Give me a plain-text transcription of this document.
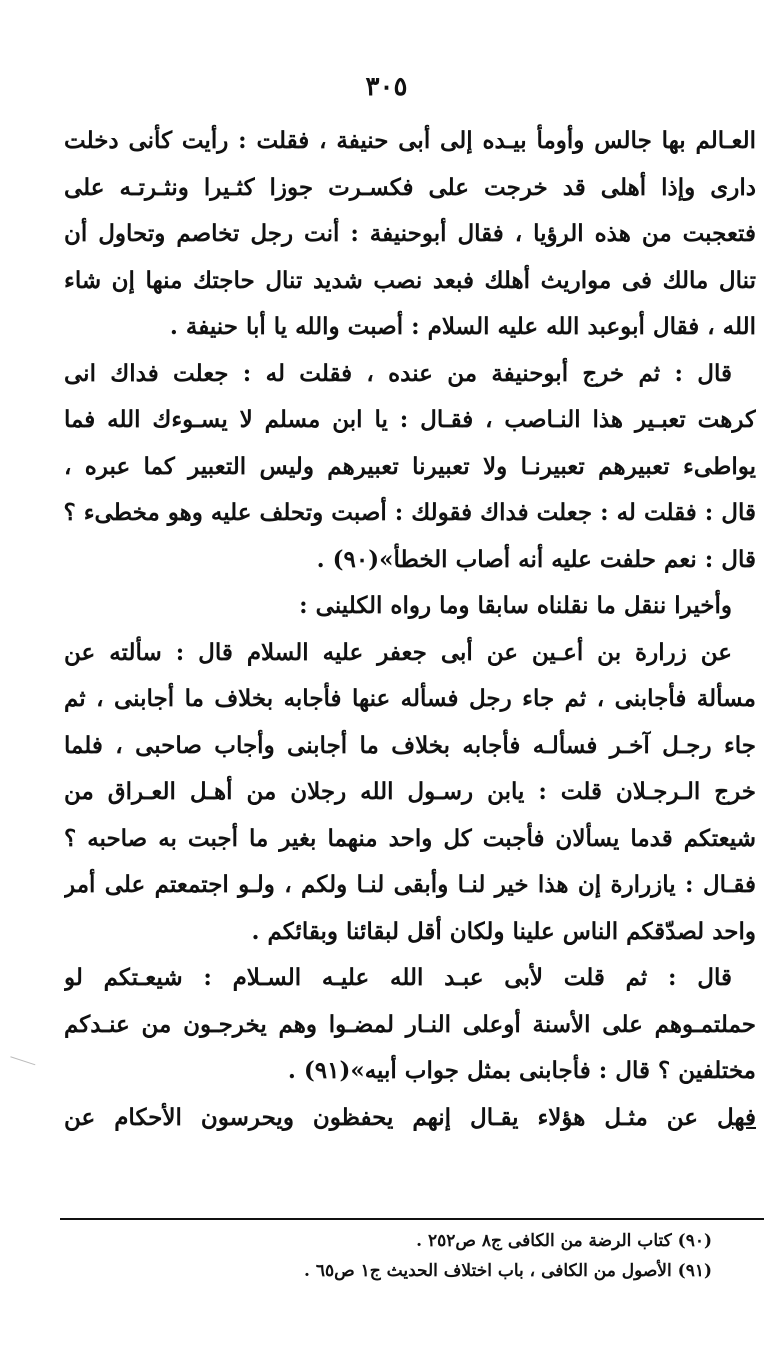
٣٠٥
العـالم بها جالس وأومأ بيـده إلى أبى حنيفة ، فقلت : رأيت كأنى دخلت
دارى وإذا أهلى قد خرجت على فكسـرت جوزا كثـيرا ونثـرتـه على
فتعجبت من هذه الرؤيا ، فقال أبوحنيفة : أنت رجل تخاصم وتحاول أن
تنال مالك فى مواريث أهلك فبعد نصب شديد تنال حاجتك منها إن شاء
الله ، فقال أبوعبد الله عليه السلام : أصبت والله يا أبا حنيفة .
قال : ثم خرج أبوحنيفة من عنده ، فقلت له : جعلت فداك انى
كرهت تعبـير هذا النـاصب ، فقـال : يا ابن مسلم لا يسـوءك الله فما
يواطىء تعبيرهم تعبيرنـا ولا تعبيرنا تعبيرهم وليس التعبير كما عبره ،
قال : فقلت له : جعلت فداك فقولك : أصبت وتحلف عليه وهو مخطىء ؟
قال : نعم حلفت عليه أنه أصاب الخطأ»(٩٠) .
وأخيرا ننقل ما نقلناه سابقا وما رواه الكلينى :
عن زرارة بن أعـين عن أبى جعفر عليه السلام قال : سألته عن
مسألة فأجابنى ، ثم جاء رجل فسأله عنها فأجابه بخلاف ما أجابنى ، ثم
جاء رجـل آخـر فسألـه فأجابه بخلاف ما أجابنى وأجاب صاحبى ، فلما
خرج الـرجـلان قلت : يابن رسـول الله رجلان من أهـل العـراق من
شيعتكم قدما يسألان فأجبت كل واحد منهما بغير ما أجبت به صاحبه ؟
فقـال : يازرارة إن هذا خير لنـا وأبقى لنـا ولكم ، ولـو اجتمعتم على أمر
واحد لصدّقكم الناس علينا ولكان أقل لبقائنا وبقائكم .
قال : ثم قلت لأبى عبـد الله عليـه السـلام : شيعـتكم لو
حملتمـوهم على الأسنة أوعلى النـار لمضـوا وهم يخرجـون من عنـدكم
مختلفين ؟ قال : فأجابنى بمثل جواب أبيه»(٩١) .
فهل عن مثـل هؤلاء يقـال إنهم يحفظون ويحرسون الأحكام عن
(٩٠) كتاب الرضة من الكافى ج٨ ص٢٥٢ .
(٩١) الأصول من الكافى ، باب اختلاف الحديث ج١ ص٦٥ .
